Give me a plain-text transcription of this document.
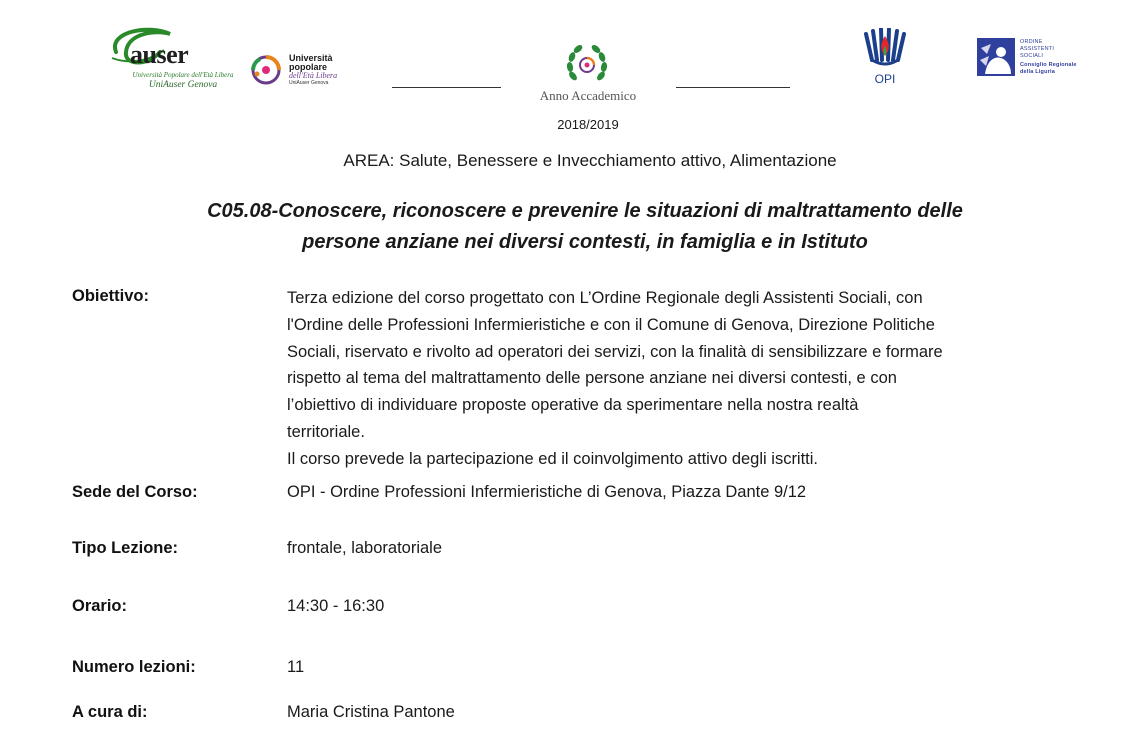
auser
Università Popolare dell'Età Libera
UniAuser Genova
Università
popolare
dell'Età Libera
UniAuser Genova
Anno Accademico
2018/2019
OPI
ORDINE
ASSISTENTI
SOCIALI
Consiglio Regionale
della Liguria
AREA: Salute, Benessere e Invecchiamento attivo, Alimentazione
C05.08-Conoscere, riconoscere e prevenire le situazioni di maltrattamento delle
persone anziane nei diversi contesti, in famiglia e in Istituto
Obiettivo:	Terza edizione del corso progettato con L’Ordine Regionale degli Assistenti Sociali, con
l'Ordine delle Professioni Infermieristiche e con il Comune di Genova, Direzione Politiche
Sociali, riservato e rivolto ad operatori dei servizi, con la finalità di sensibilizzare e formare
rispetto al tema del maltrattamento delle persone anziane nei diversi contesti, e con
l’obiettivo di individuare proposte operative da sperimentare nella nostra realtà
territoriale.
Il corso prevede la partecipazione ed il coinvolgimento attivo degli iscritti.
Sede del Corso:	OPI - Ordine Professioni Infermieristiche di Genova, Piazza Dante 9/12
Tipo Lezione:	frontale, laboratoriale
Orario:	14:30 - 16:30
Numero lezioni:	11
A cura di:	Maria Cristina Pantone
